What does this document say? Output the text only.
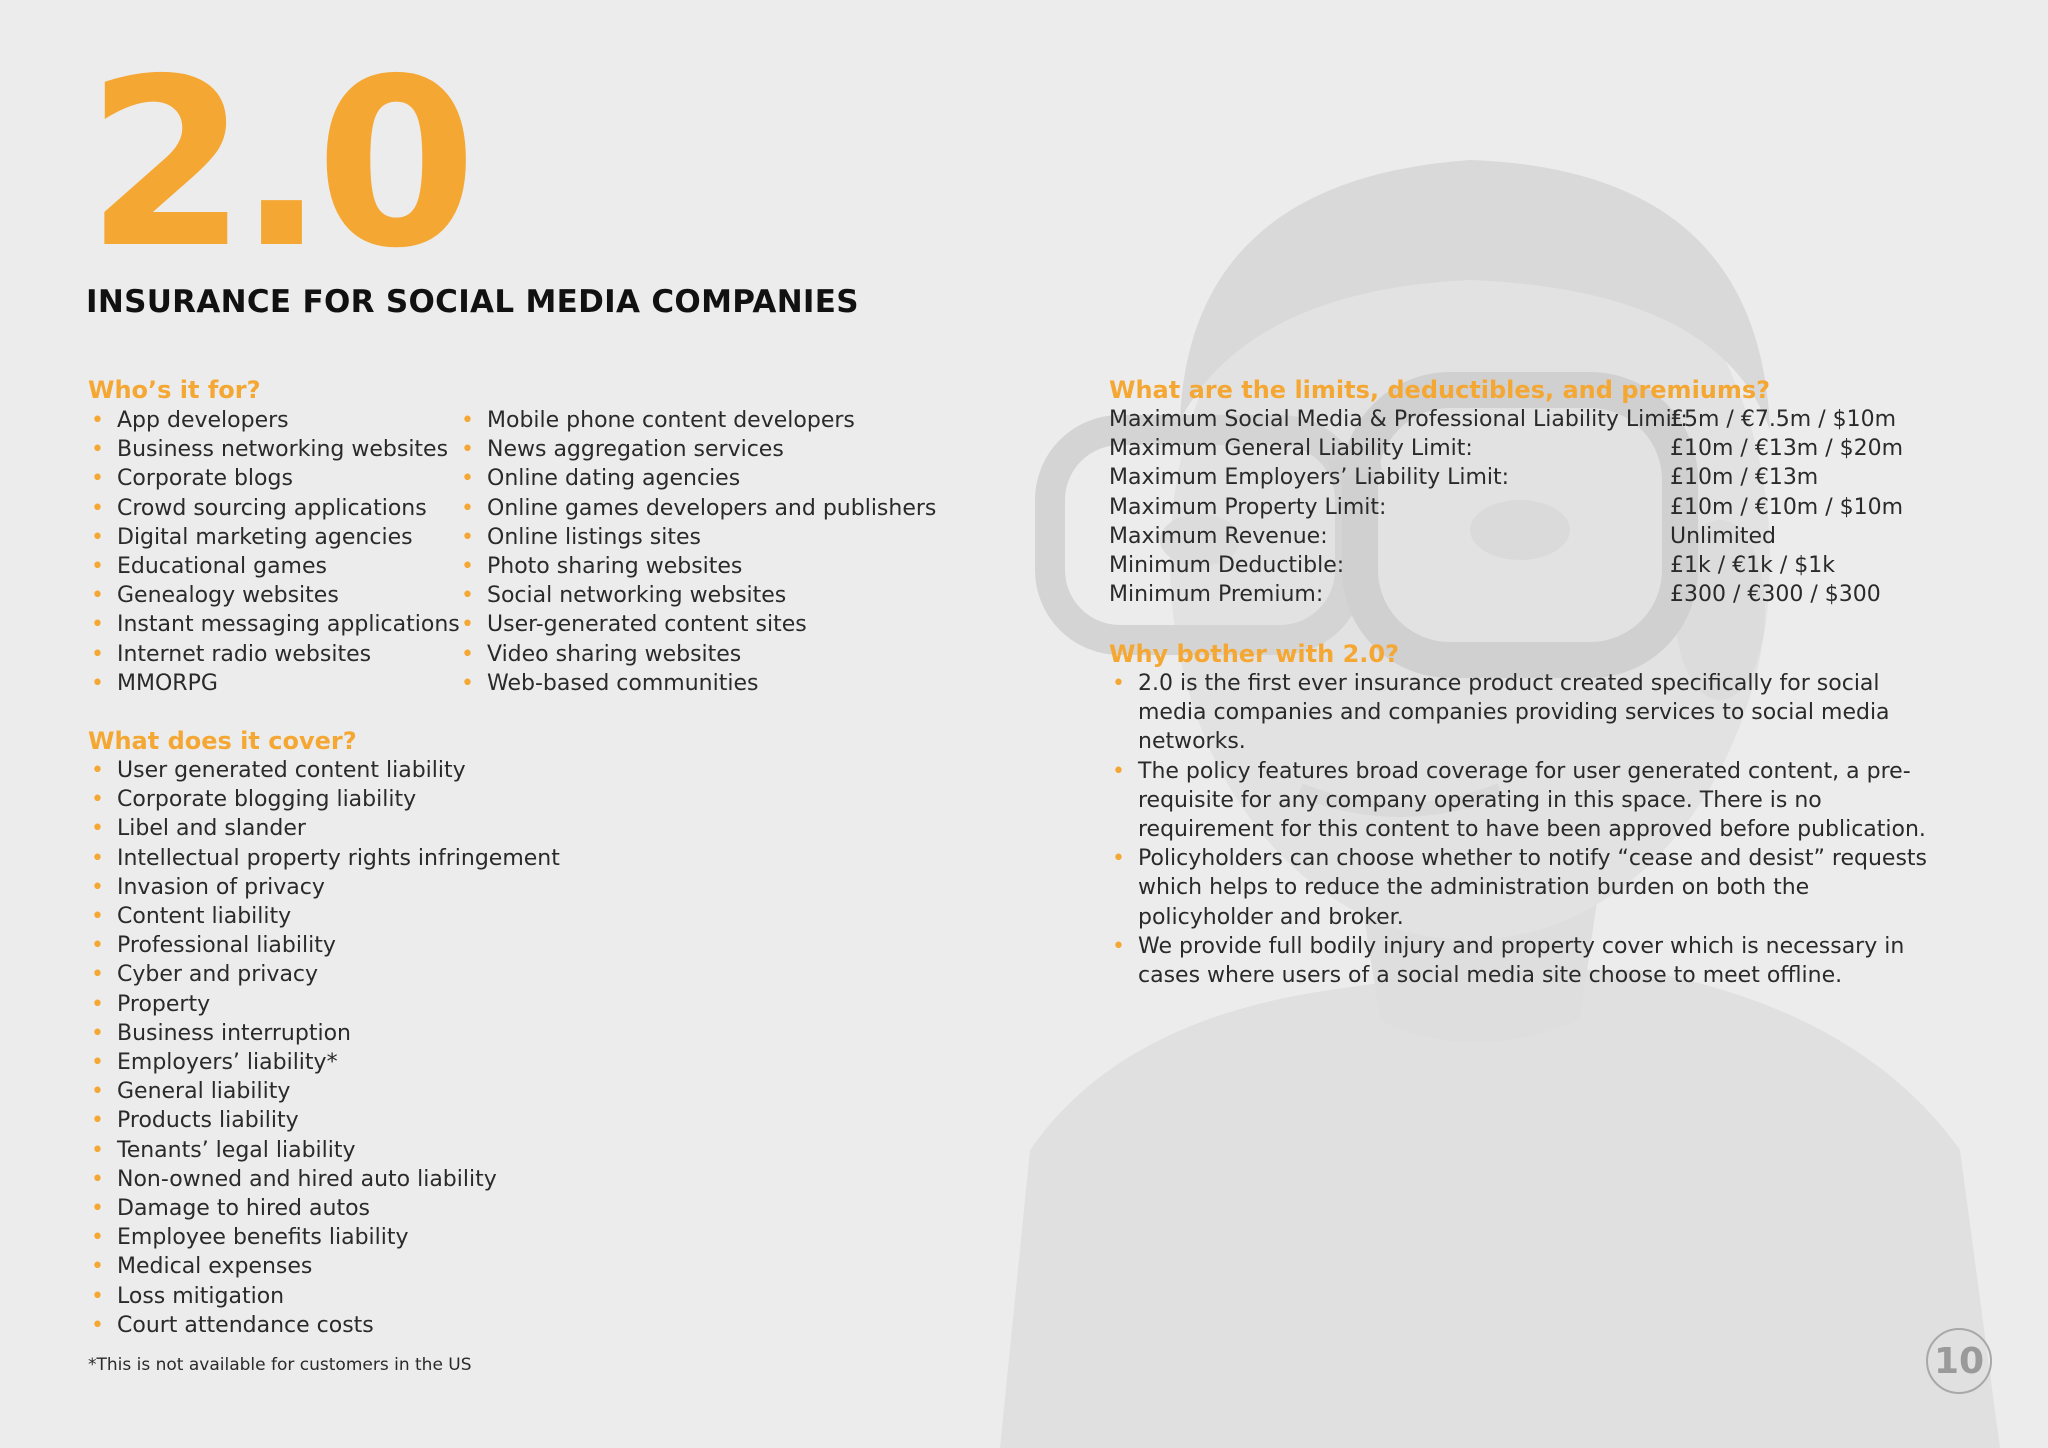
2.0
INSURANCE FOR SOCIAL MEDIA COMPANIES
Who’s it for?
• App developers
• Business networking websites
• Corporate blogs
• Crowd sourcing applications
• Digital marketing agencies
• Educational games
• Genealogy websites
• Instant messaging applications
• Internet radio websites
• MMORPG
• Mobile phone content developers
• News aggregation services
• Online dating agencies
• Online games developers and publishers
• Online listings sites
• Photo sharing websites
• Social networking websites
• User-generated content sites
• Video sharing websites
• Web-based communities
What does it cover?
• User generated content liability
• Corporate blogging liability
• Libel and slander
• Intellectual property rights infringement
• Invasion of privacy
• Content liability
• Professional liability
• Cyber and privacy
• Property
• Business interruption
• Employers’ liability*
• General liability
• Products liability
• Tenants’ legal liability
• Non-owned and hired auto liability
• Damage to hired autos
• Employee benefits liability
• Medical expenses
• Loss mitigation
• Court attendance costs

*This is not available for customers in the US

What are the limits, deductibles, and premiums?
Maximum Social Media & Professional Liability Limit:
£5m / €7.5m / $10m
Maximum General Liability Limit:	£10m / €13m / $20m
Maximum Employers’ Liability Limit:	£10m / €13m
Maximum Property Limit:	£10m / €10m / $10m
Maximum Revenue:	Unlimited
Minimum Deductible:	£1k / €1k / $1k
Minimum Premium:	£300 / €300 / $300
Why bother with 2.0?
• 2.0 is the first ever insurance product created specifically for social media companies and companies providing services to social media networks.
• The policy features broad coverage for user generated content, a pre-requisite for any company operating in this space. There is no requirement for this content to have been approved before publication.
• Policyholders can choose whether to notify “cease and desist” requests which helps to reduce the administration burden on both the policyholder and broker.
• We provide full bodily injury and property cover which is necessary in cases where users of a social media site choose to meet offline.
10
